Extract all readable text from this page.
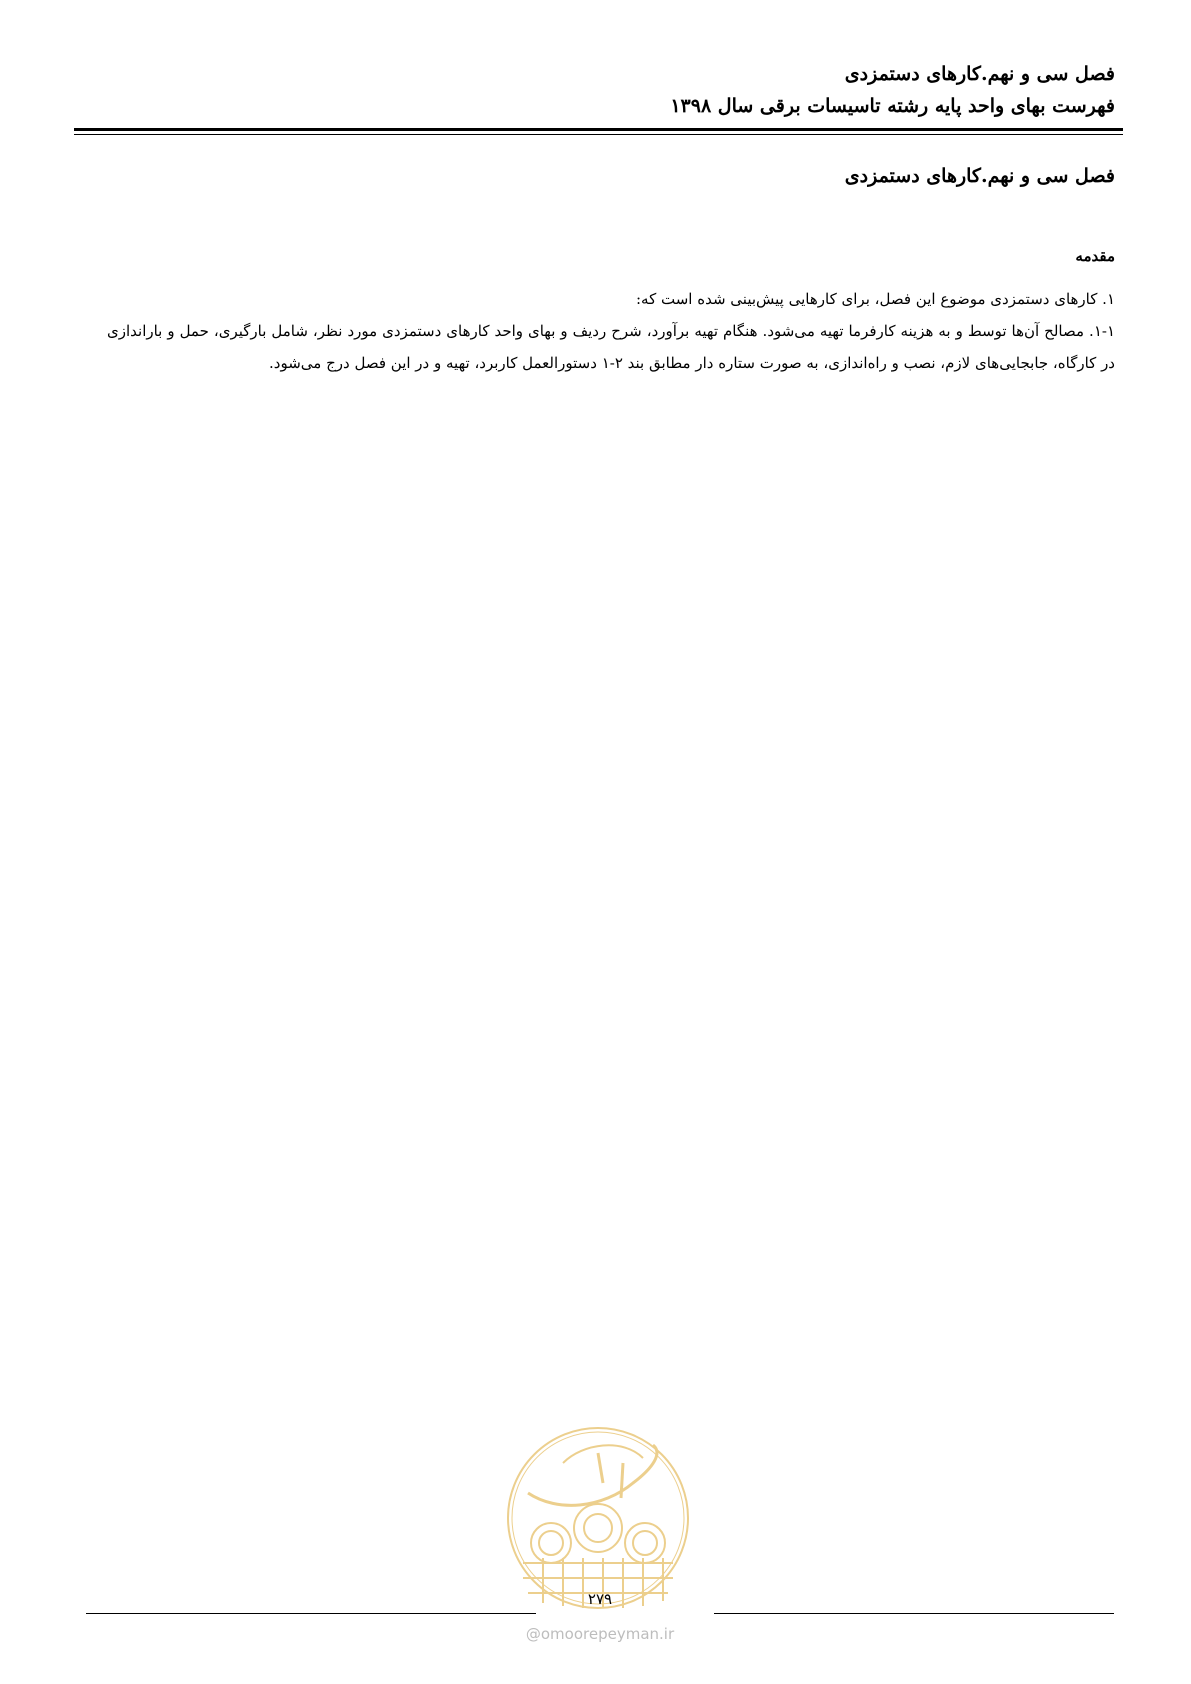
فصل سی و نهم.کارهای دستمزدی
فهرست بهای واحد پایه رشته تاسیسات برقی سال ۱۳۹۸
فصل سی و نهم.کارهای دستمزدی
مقدمه

۱. کارهای دستمزدی موضوع این فصل، برای کارهایی پیش‌بینی شده است که:

۱-۱. مصالح آن‌ها توسط و به هزینه کارفرما تهیه می‌شود. هنگام تهیه برآورد، شرح ردیف و بهای واحد کارهای دستمزدی مورد نظر، شامل بارگیری، حمل و باراندازی در کارگاه، جابجایی‌های لازم، نصب و راه‌اندازی، به صورت ستاره دار مطابق بند ۲-۱ دستورالعمل کاربرد، تهیه و در این فصل درج می‌شود.

۲۷۹
@omoorepeyman.ir
